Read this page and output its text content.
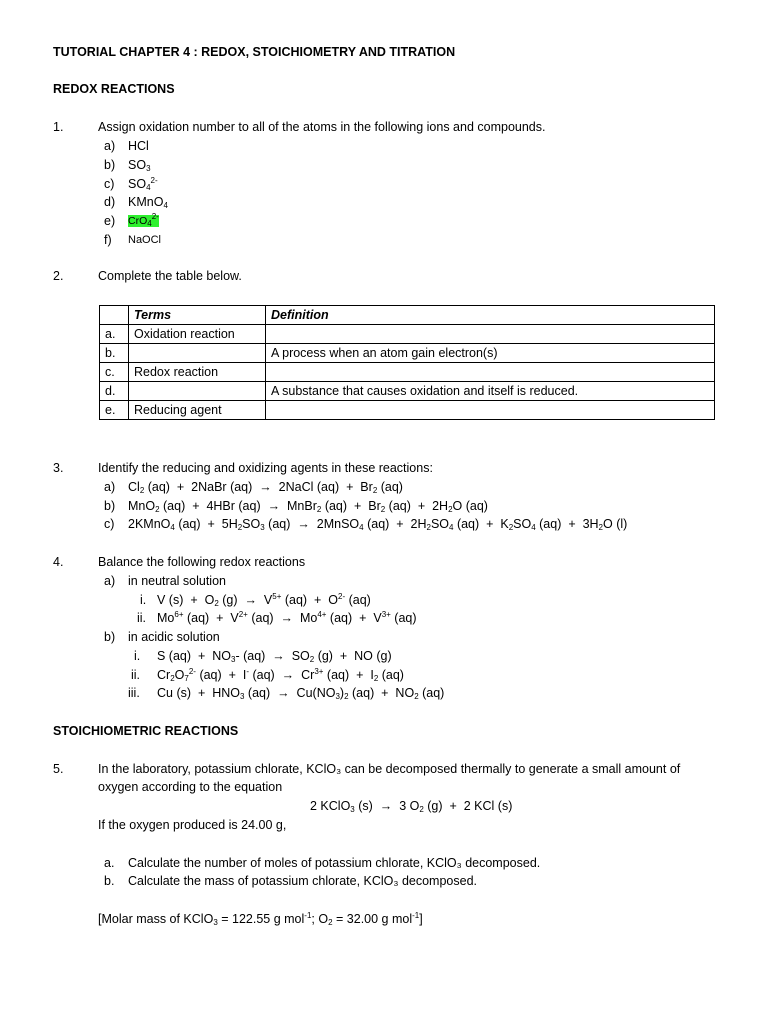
TUTORIAL CHAPTER 4 : REDOX, STOICHIOMETRY AND TITRATION
REDOX REACTIONS
1.	Assign oxidation number to all of the atoms in the following ions and compounds.
a) HCl
b) $SO_3$
c) $SO_4^{2-}$
d) KMnO$_4$
e) CrO$_4^{2-}$
f) NaOCl
2.	Complete the table below.
	Terms	Definition
a.	Oxidation reaction	
b.		A process when an atom gain electron(s)
c.	Redox reaction	
d.		A substance that causes oxidation and itself is reduced.
e.	Reducing agent	
3.	Identify the reducing and oxidizing agents in these reactions:
a) $Cl_2$ (aq)  +  2NaBr (aq)  →  2NaCl $(aq) + Br_2$ (aq)
b) MnO$_2$ (aq)  +  4HBr (aq)  →  MnBr$_2$ $(aq) + Br_2$ $(aq) + 2H_2O$ (aq)
c) 2KMnO$_4$ $(aq) + 5H_2SO_3$ (aq)  →  2MnSO$_4$ $(aq) + 2H_2SO_4$ $(aq) + K_2SO_4$ $(aq) + 3H_2O$ (l)
4.	Balance the following redox reactions
a) in neutral solution
i. V $(s) + O_2$ $(g) \to V^{5+}$ $(aq) + O^{2-}$ (aq)
ii. $Mo^{6+}$ $(aq) + V^{2+}$ $(aq) \to Mo^{4+}$ $(aq) + V^{3+}$ (aq)
b) in acidic solution
i. S $(aq) + NO_3-$ $(aq) \to SO_2$ (g)  +  NO (g)
ii. $Cr_2O_7^{2-}$ (aq)  +  I- $(aq) \to Cr^{3+}$ $(aq) + I_2$ (aq)
iii. Cu $(s) + HNO_3$ $(aq) \to Cu(NO_3)_2$ $(aq) + NO_2$ (aq)
STOICHIOMETRIC REACTIONS
5.	In the laboratory, potassium chlorate, KClO₃ can be decomposed thermally to generate a small amount of
oxygen according to the equation
2 KClO$_3$ (s)  →  3 $O_2$ (g)  +  2 KCl (s)
If the oxygen produced is 24.00 g,
a. Calculate the number of moles of potassium chlorate, KClO₃ decomposed.
b. Calculate the mass of potassium chlorate, KClO₃ decomposed.
[Molar mass of KClO$_3$ = 122.55 g mol$^{-1}$; $O_2 = 32.00$ g mol$^{-1}$]
